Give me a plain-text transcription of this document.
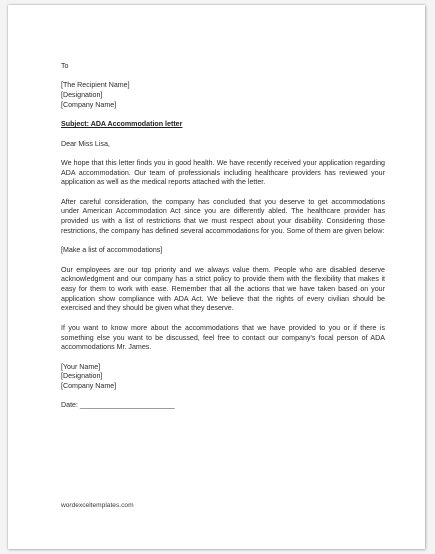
To
[The Recipient Name]
[Designation]
[Company Name]
Subject: ADA Accommodation letter
Dear Miss Lisa,

We hope that this letter finds you in good health. We have recently received your application regarding ADA accommodation. Our team of professionals including healthcare providers has reviewed your application as well as the medical reports attached with the letter.

After careful consideration, the company has concluded that you deserve to get accommodations under American Accommodation Act since you are differently abled. The healthcare provider has provided us with a list of restrictions that we must respect about your disability. Considering those restrictions, the company has defined several accommodations for you. Some of them are given below:

[Make a list of accommodations]

Our employees are our top priority and we always value them. People who are disabled deserve acknowledgment and our company has a strict policy to provide them with the flexibility that makes it easy for them to work with ease. Remember that all the actions that we have taken based on your application show compliance with ADA Act. We believe that the rights of every civilian should be exercised and they should be given what they deserve.

If you want to know more about the accommodations that we have provided to you or if there is something else you want to be discussed, feel free to contact our company's focal person of ADA accommodations Mr. James.

[Your Name]
[Designation]
[Company Name]
Date: ________________________
wordexceltemplates.com
